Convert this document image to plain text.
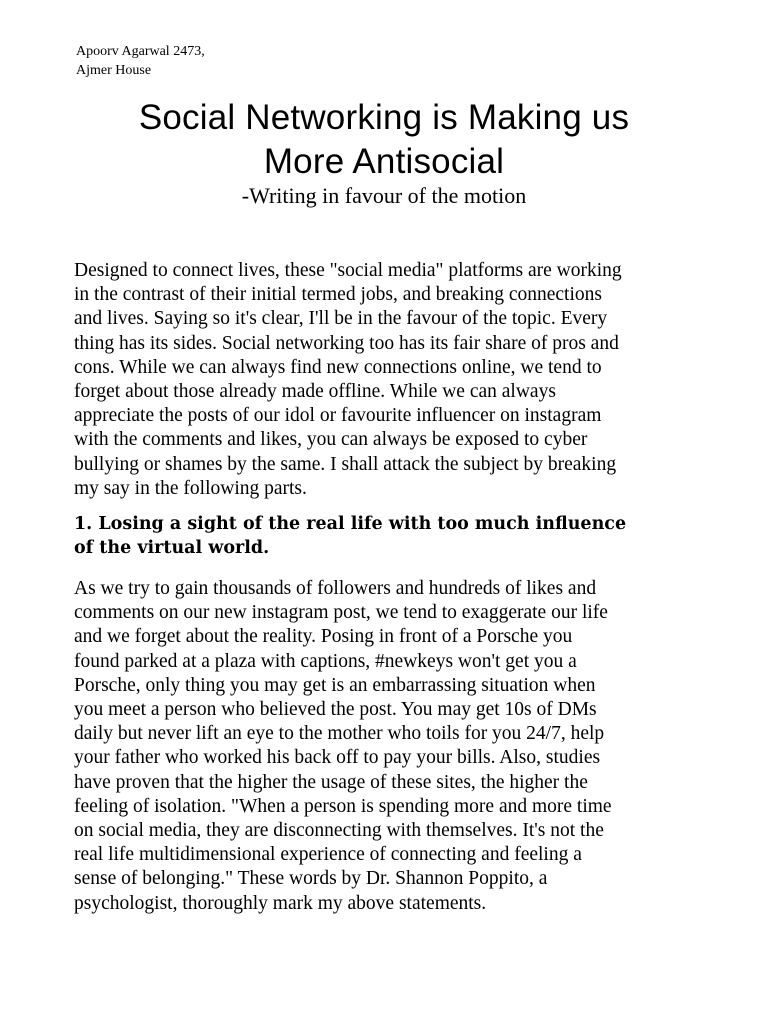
Apoorv Agarwal 2473,
Ajmer House
Social Networking is Making us
More Antisocial
-Writing in favour of the motion
Designed to connect lives, these "social media" platforms are working
in the contrast of their initial termed jobs, and breaking connections
and lives. Saying so it's clear, I'll be in the favour of the topic. Every
thing has its sides. Social networking too has its fair share of pros and
cons. While we can always find new connections online, we tend to
forget about those already made offline. While we can always
appreciate the posts of our idol or favourite influencer on instagram
with the comments and likes, you can always be exposed to cyber
bullying or shames by the same. I shall attack the subject by breaking
my say in the following parts.
1. Losing a sight of the real life with too much influence
of the virtual world.
As we try to gain thousands of followers and hundreds of likes and
comments on our new instagram post, we tend to exaggerate our life
and we forget about the reality. Posing in front of a Porsche you
found parked at a plaza with captions, #newkeys won't get you a
Porsche, only thing you may get is an embarrassing situation when
you meet a person who believed the post. You may get 10s of DMs
daily but never lift an eye to the mother who toils for you 24/7, help
your father who worked his back off to pay your bills. Also, studies
have proven that the higher the usage of these sites, the higher the
feeling of isolation. "When a person is spending more and more time
on social media, they are disconnecting with themselves. It's not the
real life multidimensional experience of connecting and feeling a
sense of belonging." These words by Dr. Shannon Poppito, a
psychologist, thoroughly mark my above statements.
